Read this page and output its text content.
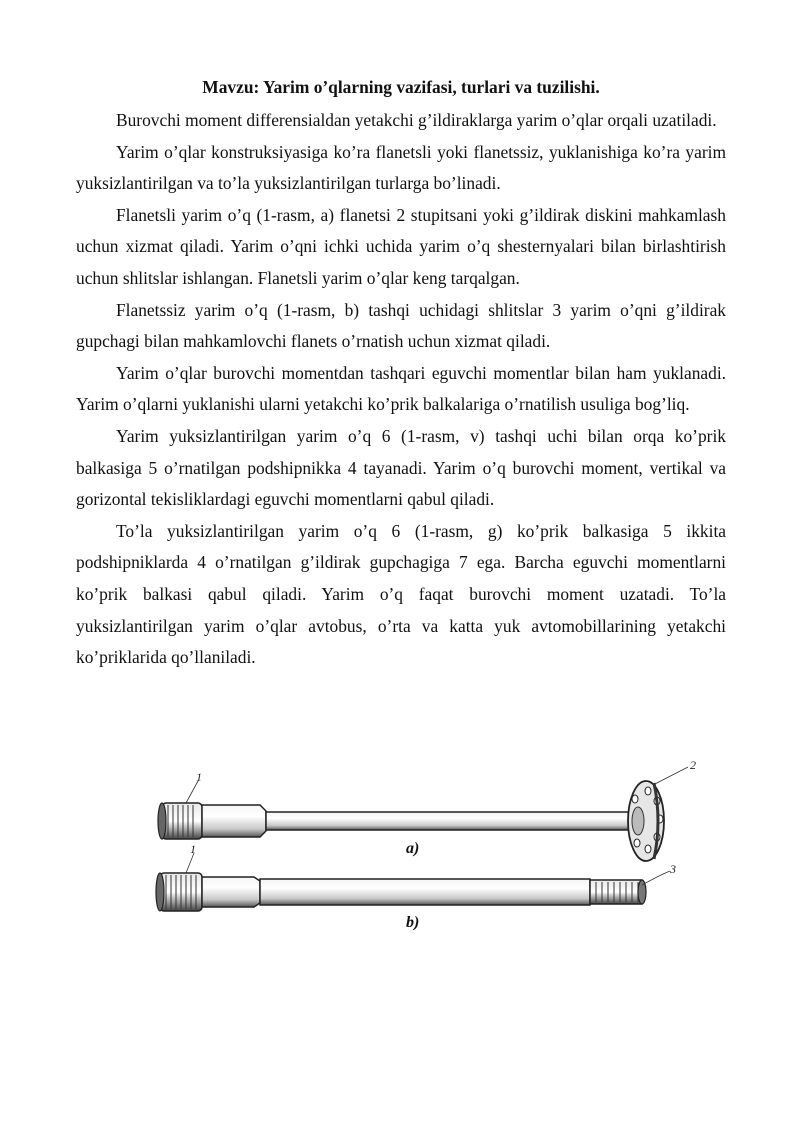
Mavzu: Yarim o’qlarning vazifasi, turlari va tuzilishi.

Burovchi moment differensialdan yetakchi g’ildiraklarga yarim o’qlar orqali uzatiladi.

Yarim o’qlar konstruksiyasiga ko’ra flanetsli yoki flanetssiz, yuklanishiga ko’ra yarim yuksizlantirilgan va to’la yuksizlantirilgan turlarga bo’linadi.

Flanetsli yarim o’q (1-rasm, a) flanetsi 2 stupitsani yoki g’ildirak diskini mahkamlash uchun xizmat qiladi. Yarim o’qni ichki uchida yarim o’q shesternyalari bilan birlashtirish uchun shlitslar ishlangan. Flanetsli yarim o’qlar keng tarqalgan.

Flanetssiz yarim o’q (1-rasm, b) tashqi uchidagi shlitslar 3 yarim o’qni g’ildirak gupchagi bilan mahkamlovchi flanets o’rnatish uchun xizmat qiladi.

Yarim o’qlar burovchi momentdan tashqari eguvchi momentlar bilan ham yuklanadi. Yarim o’qlarni yuklanishi ularni yetakchi ko’prik balkalariga o’rnatilish usuliga bog’liq.

Yarim yuksizlantirilgan yarim o’q 6 (1-rasm, v) tashqi uchi bilan orqa ko’prik balkasiga 5 o’rnatilgan podshipnikka 4 tayanadi. Yarim o’q burovchi moment, vertikal va gorizontal tekisliklardagi eguvchi momentlarni qabul qiladi.

To’la yuksizlantirilgan yarim o’q 6 (1-rasm, g) ko’prik balkasiga 5 ikkita podshipniklarda 4 o’rnatilgan g’ildirak gupchagiga 7 ega. Barcha eguvchi momentlarni ko’prik balkasi qabul qiladi. Yarim o’q faqat burovchi moment uzatadi. To’la yuksizlantirilgan yarim o’qlar avtobus, o’rta va katta yuk avtomobillarining yetakchi ko’priklarida qo’llaniladi.

1
2
a)
1
3
b)
